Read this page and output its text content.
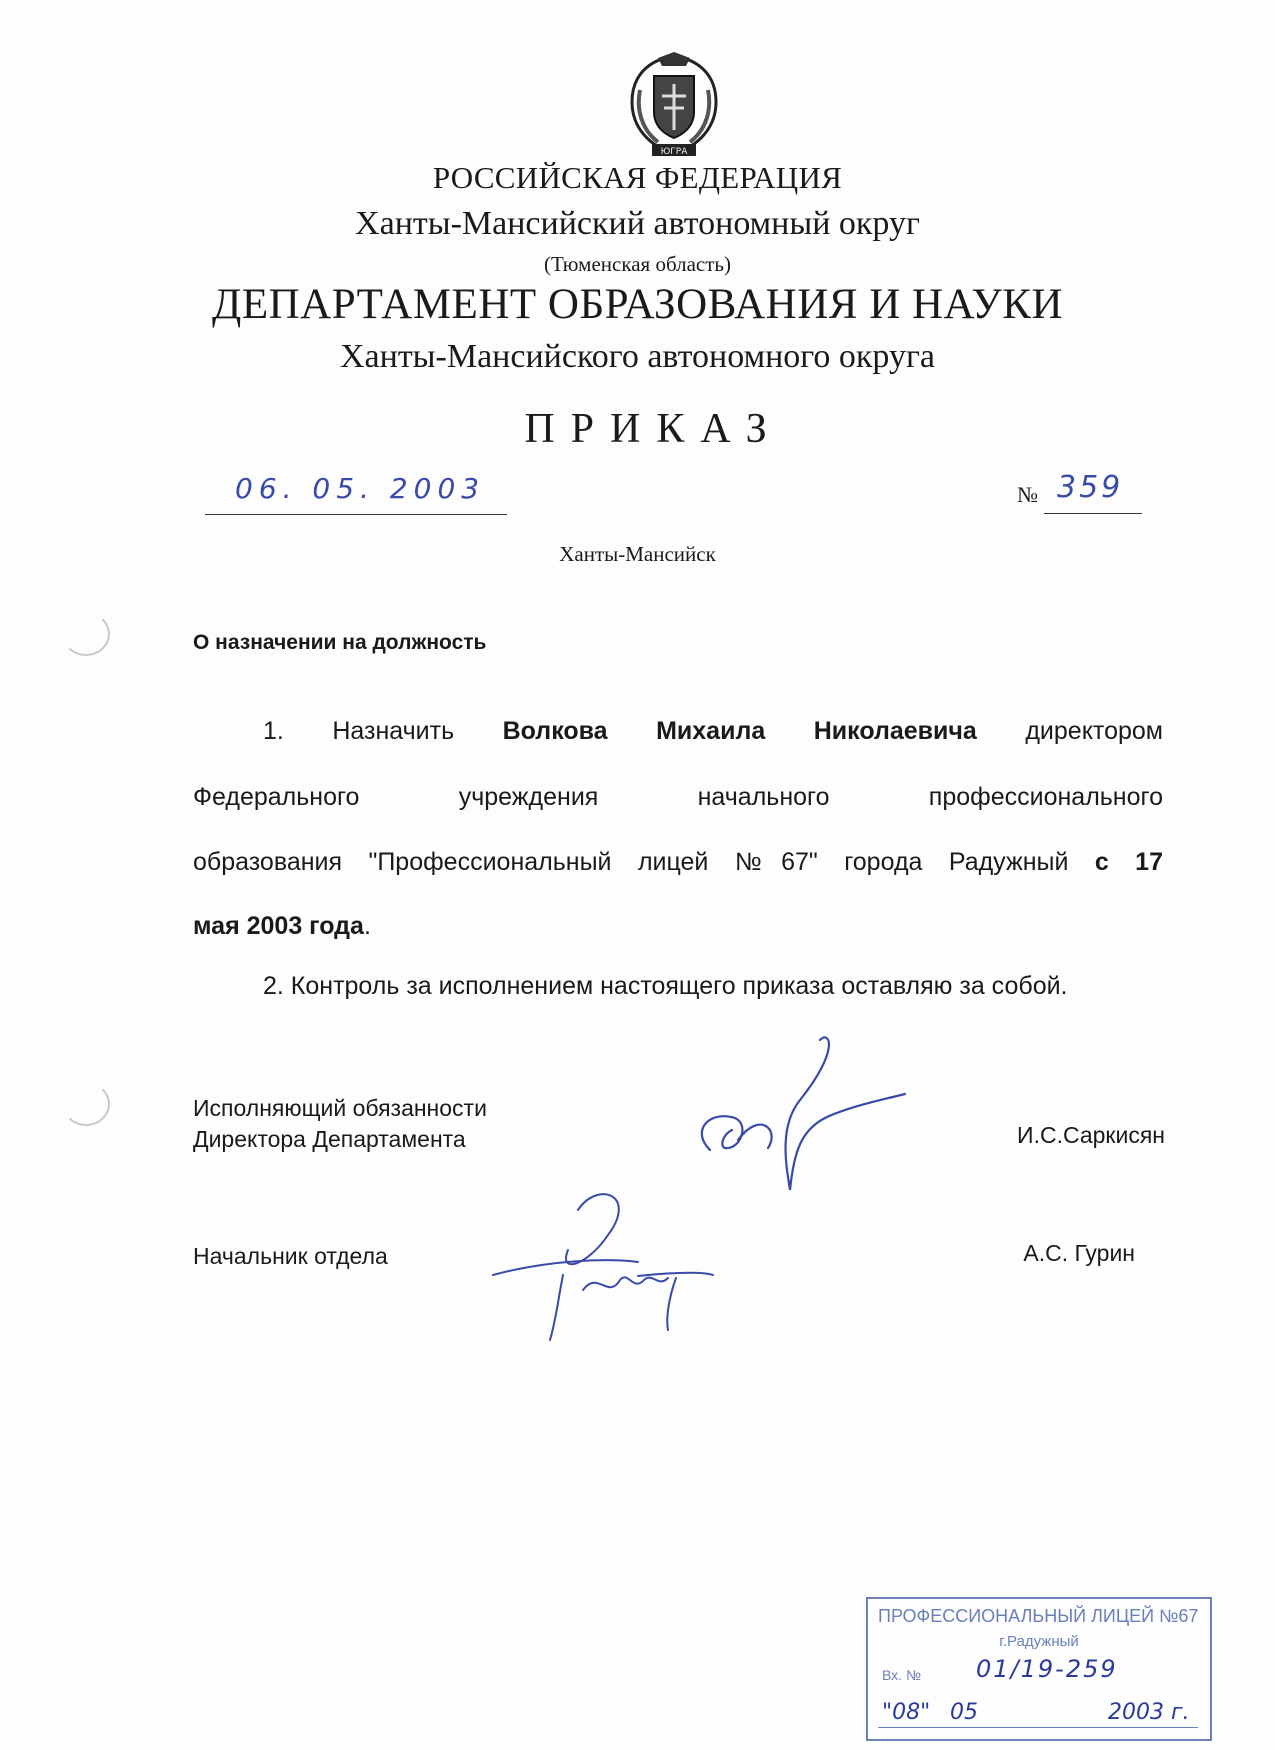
ЮГРА
РОССИЙСКАЯ ФЕДЕРАЦИЯ
Ханты-Мансийский автономный округ
(Тюменская область)
ДЕПАРТАМЕНТ ОБРАЗОВАНИЯ И НАУКИ
Ханты-Мансийского автономного округа
ПРИКАЗ
06. 05. 2003	№ 359
Ханты-Мансийск
О назначении на должность
1. Назначить Волкова Михаила Николаевича директором
Федерального учреждения начального профессионального
образования "Профессиональный лицей №67" города Радужный с 17
мая 2003 года.
2. Контроль за исполнением настоящего приказа оставляю за собой.
Исполняющий обязанности
Директора Департамента	И.С.Саркисян
Начальник отдела	А.С. Гурин
ПРОФЕССИОНАЛЬНЫЙ ЛИЦЕЙ №67
г.Радужный
Вх. № 01/19-259
"08" 05	2003 г.
